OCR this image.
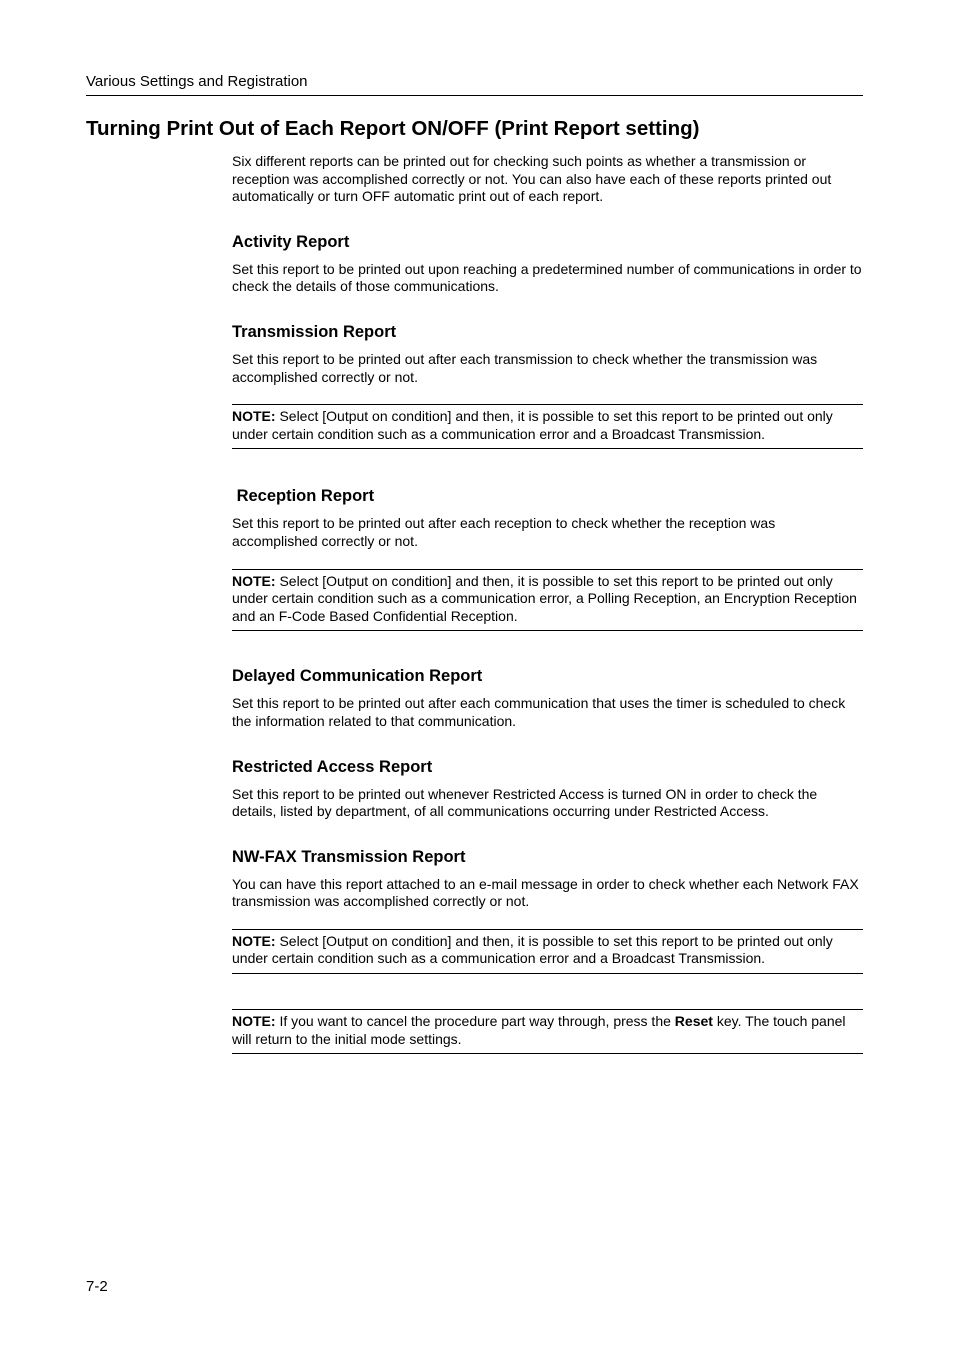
Various Settings and Registration
Turning Print Out of Each Report ON/OFF (Print Report setting)

Six different reports can be printed out for checking such points as whether a transmission or reception was accomplished correctly or not. You can also have each of these reports printed out automatically or turn OFF automatic print out of each report.

Activity Report

Set this report to be printed out upon reaching a predetermined number of communications in order to check the details of those communications.

Transmission Report

Set this report to be printed out after each transmission to check whether the transmission was accomplished correctly or not.

NOTE: Select [Output on condition] and then, it is possible to set this report to be printed out only under certain condition such as a communication error and a Broadcast Transmission.
Reception Report

Set this report to be printed out after each reception to check whether the reception was accomplished correctly or not.

NOTE: Select [Output on condition] and then, it is possible to set this report to be printed out only under certain condition such as a communication error, a Polling Reception, an Encryption Reception and an F-Code Based Confidential Reception.
Delayed Communication Report

Set this report to be printed out after each communication that uses the timer is scheduled to check the information related to that communication.

Restricted Access Report

Set this report to be printed out whenever Restricted Access is turned ON in order to check the details, listed by department, of all communications occurring under Restricted Access.

NW-FAX Transmission Report

You can have this report attached to an e-mail message in order to check whether each Network FAX transmission was accomplished correctly or not.

NOTE: Select [Output on condition] and then, it is possible to set this report to be printed out only under certain condition such as a communication error and a Broadcast Transmission.
NOTE: If you want to cancel the procedure part way through, press the Reset key. The touch panel will return to the initial mode settings.
7-2
